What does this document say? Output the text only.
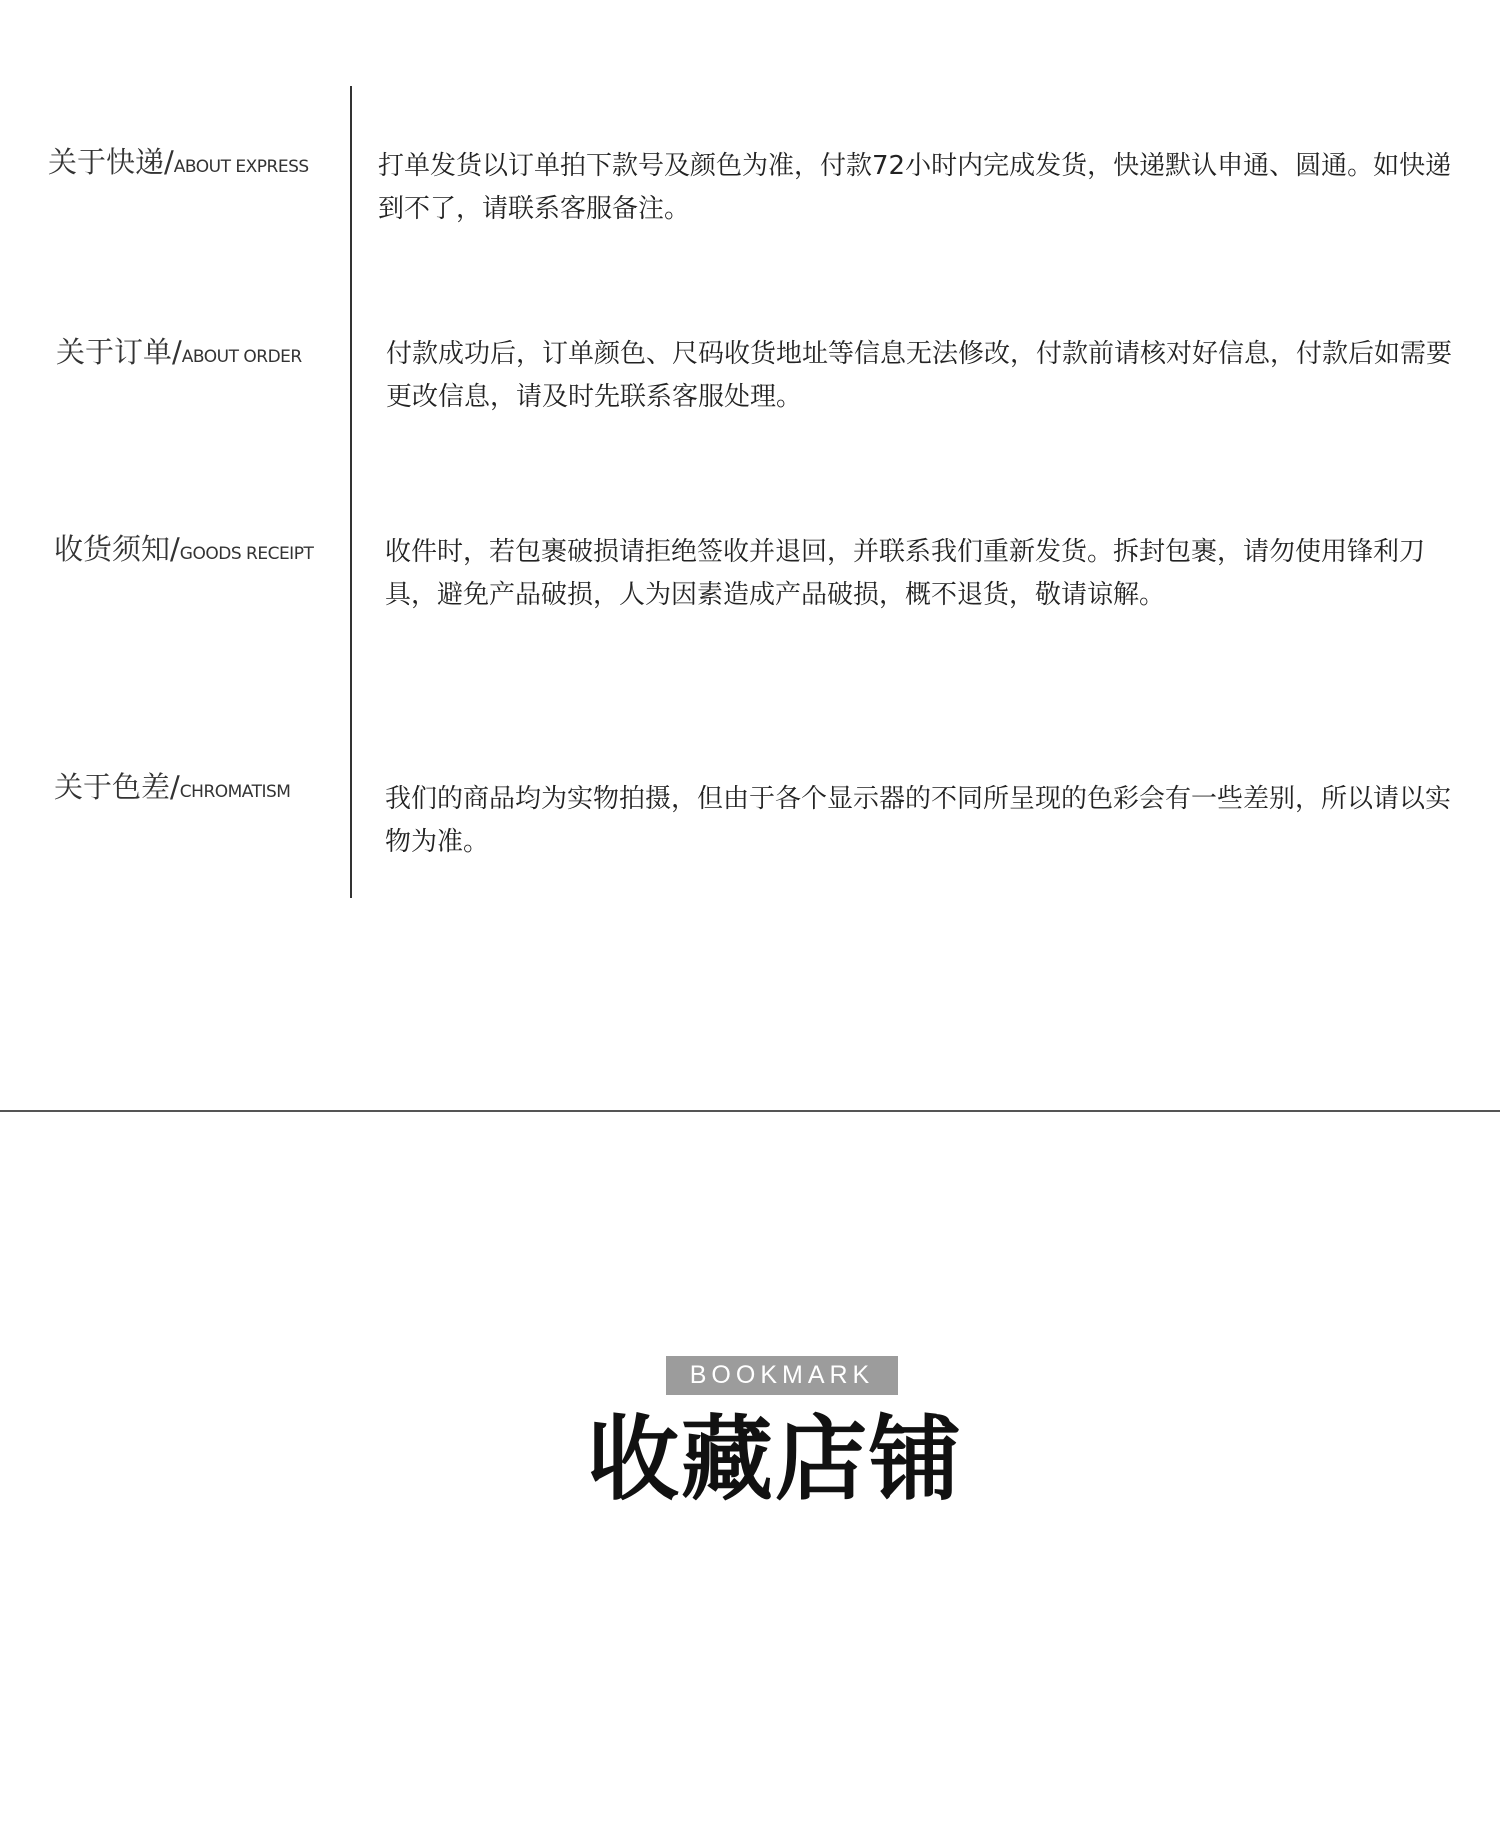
关于快递/ABOUT EXPRESS	打单发货以订单拍下款号及颜色为准，付款72小时内完成发货，快递默认申通、圆通。如快递到不了，请联系客服备注。
关于订单/ABOUT ORDER	付款成功后，订单颜色、尺码收货地址等信息无法修改，付款前请核对好信息，付款后如需要更改信息，请及时先联系客服处理。
收货须知/GOODS RECEIPT	收件时，若包裹破损请拒绝签收并退回，并联系我们重新发货。拆封包裹，请勿使用锋利刀具，避免产品破损，人为因素造成产品破损，概不退货，敬请谅解。
关于色差/CHROMATISM	我们的商品均为实物拍摄，但由于各个显示器的不同所呈现的色彩会有一些差别，所以请以实物为准。
BOOKMARK
收藏店铺
